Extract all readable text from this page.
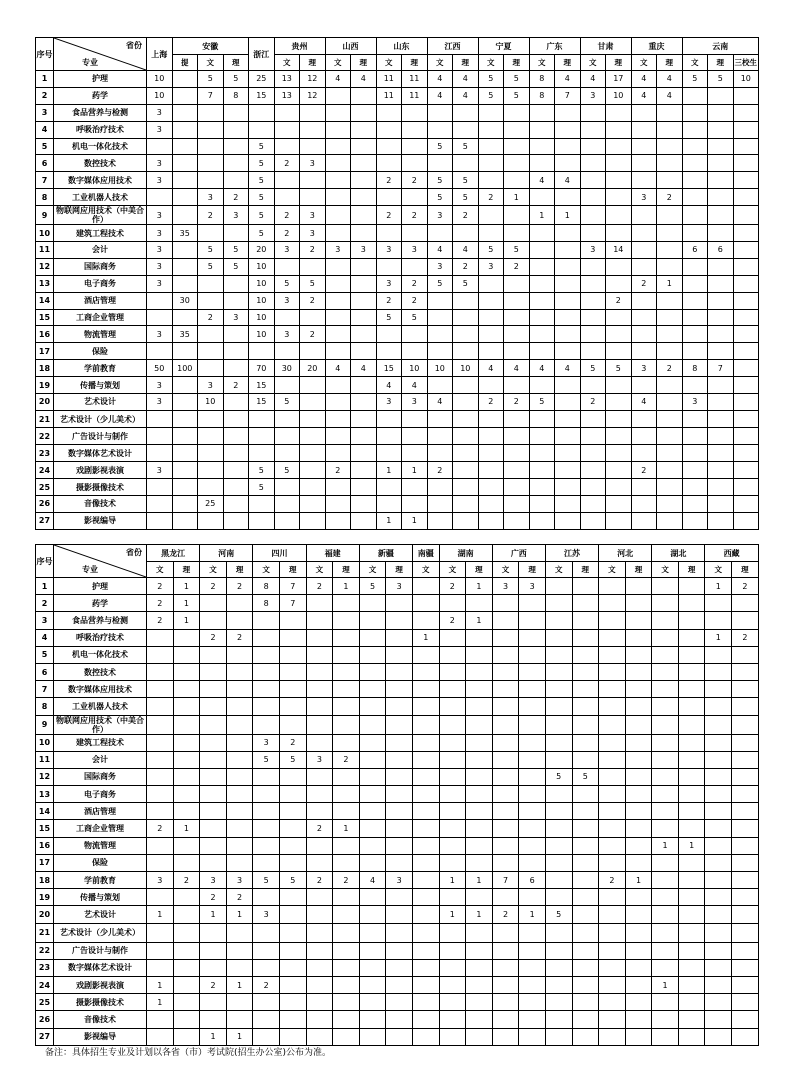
序号	省份
专业	上海	安徽			浙江	贵州		山西		山东		江西		宁夏		广东		甘肃		重庆		云南		
			提	文	理		文	理	文	理	文	理	文	理	文	理	文	理	文	理	文	理	文	理	三校生
1	护理	10		5	5	25	13	12	4	4	11	11	4	4	5	5	8	4	4	17	4	4	5	5	10
2	药学	10		7	8	15	13	12			11	11	4	4	5	5	8	7	3	10	4	4			
3	食品营养与检测	3																							
4	呼吸治疗技术	3																							
5	机电一体化技术					5							5	5											
6	数控技术	3				5	2	3																	
7	数字媒体应用技术	3				5					2	2	5	5			4	4							
8	工业机器人技术			3	2	5							5	5	2	1					3	2			
9	物联网应用技术（中美合作）	3		2	3	5	2	3			2	2	3	2			1	1							
10	建筑工程技术	3	35			5	2	3																	
11	会计	3		5	5	20	3	2	3	3	3	3	4	4	5	5			3	14			6	6	
12	国际商务	3		5	5	10							3	2	3	2									
13	电子商务	3				10	5	5			3	2	5	5							2	1			
14	酒店管理		30			10	3	2			2	2								2					
15	工商企业管理			2	3	10					5	5													
16	物流管理	3	35			10	3	2																	
17	保险																								
18	学前教育	50	100			70	30	20	4	4	15	10	10	10	4	4	4	4	5	5	3	2	8	7	
19	传播与策划	3		3	2	15					4	4													
20	艺术设计	3		10		15	5				3	3	4		2	2	5		2		4		3		
21	艺术设计（少儿美术）																								
22	广告设计与制作																								
23	数字媒体艺术设计																								
24	戏剧影视表演	3				5	5		2		1	1	2								2				
25	摄影摄像技术					5																			
26	音像技术			25																					
27	影视编导										1	1													
序号	省份
专业	黑龙江		河南		四川		福建		新疆		南疆	湖南		广西		江苏		河北		湖北		西藏	
		文	理	文	理	文	理	文	理	文	理	文	文	理	文	理	文	理	文	理	文	理	文	理
1	护理	2	1	2	2	8	7	2	1	5	3		2	1	3	3							1	2
2	药学	2	1			8	7																	
3	食品营养与检测	2	1										2	1										
4	呼吸治疗技术			2	2							1											1	2
5	机电一体化技术																							
6	数控技术																							
7	数字媒体应用技术																							
8	工业机器人技术																							
9	物联网应用技术（中美合作）																							
10	建筑工程技术					3	2																	
11	会计					5	5	3	2															
12	国际商务																5	5						
13	电子商务																							
14	酒店管理																							
15	工商企业管理	2	1					2	1															
16	物流管理																				1	1		
17	保险																							
18	学前教育	3	2	3	3	5	5	2	2	4	3		1	1	7	6			2	1				
19	传播与策划			2	2																			
20	艺术设计	1		1	1	3							1	1	2	1	5							
21	艺术设计（少儿美术）																							
22	广告设计与制作																							
23	数字媒体艺术设计																							
24	戏剧影视表演	1		2	1	2															1			
25	摄影摄像技术	1																						
26	音像技术																							
27	影视编导			1	1																			
备注：具体招生专业及计划以各省（市）考试院(招生办公室)公布为准。
